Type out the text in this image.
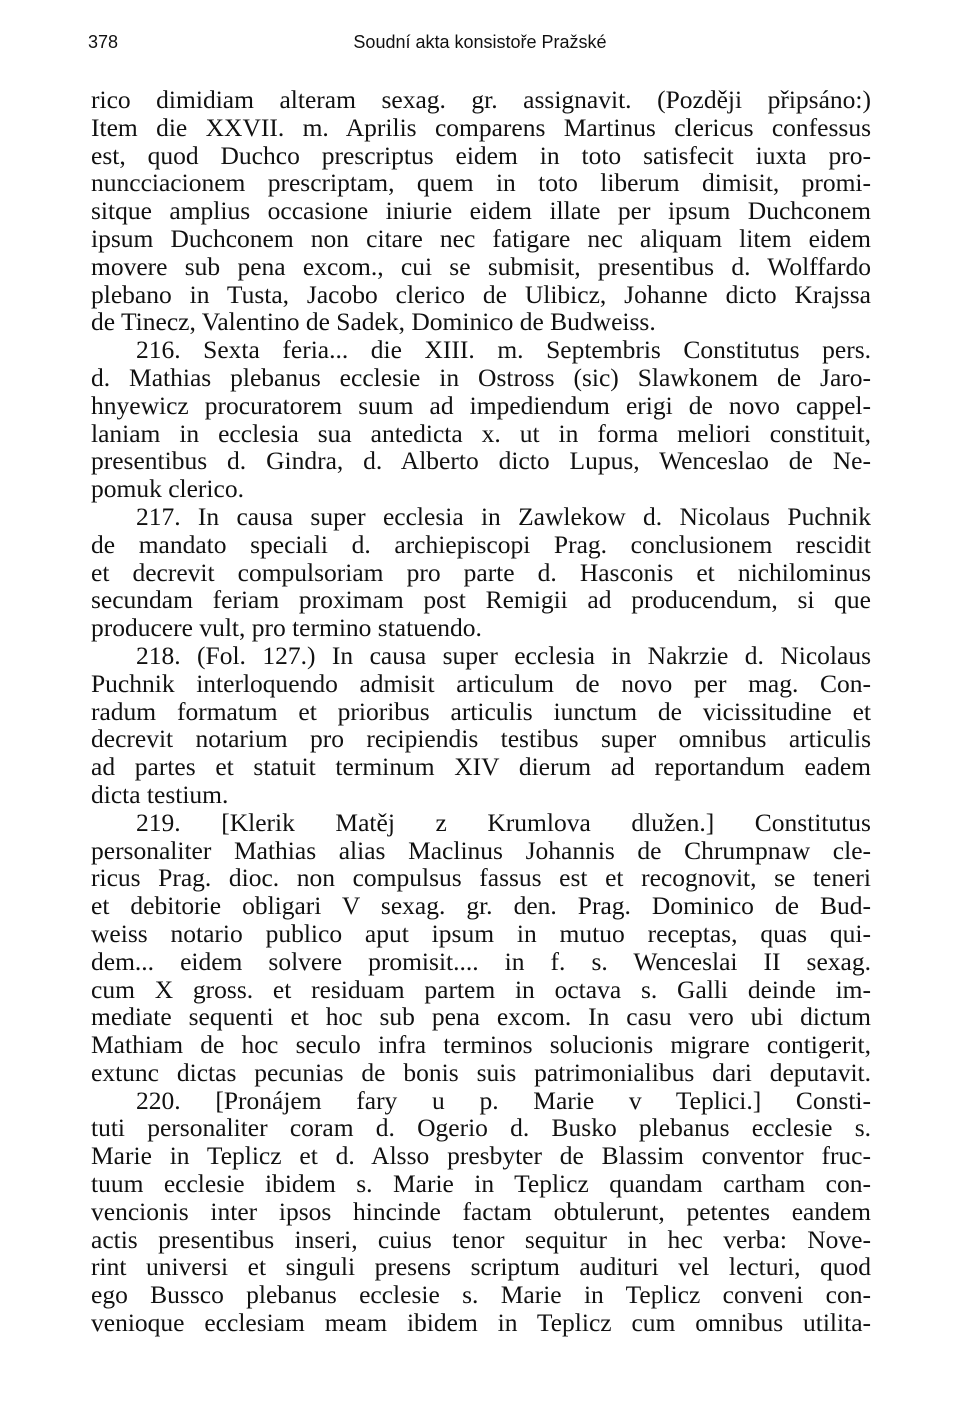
378	Soudní akta konsistoře Pražské
rico dimidiam alteram sexag. gr. assignavit. (Později připsáno:)
Item die XXVII. m. Aprilis comparens Martinus clericus confessus
est, quod Duchco prescriptus eidem in toto satisfecit iuxta pro-
nuncciacionem prescriptam, quem in toto liberum dimisit, promi-
sitque amplius occasione iniurie eidem illate per ipsum Duchconem
ipsum Duchconem non citare nec fatigare nec aliquam litem eidem
movere sub pena excom., cui se submisit, presentibus d. Wolffardo
plebano in Tusta, Jacobo clerico de Ulibicz, Johanne dicto Krajssa
de Tinecz, Valentino de Sadek, Dominico de Budweiss.
216. Sexta feria... die XIII. m. Septembris Constitutus pers.
d. Mathias plebanus ecclesie in Ostross (sic) Slawkonem de Jaro-
hnyewicz procuratorem suum ad impediendum erigi de novo cappel-
laniam in ecclesia sua antedicta x. ut in forma meliori constituit,
presentibus d. Gindra, d. Alberto dicto Lupus, Wenceslao de Ne-
pomuk clerico.
217. In causa super ecclesia in Zawlekow d. Nicolaus Puchnik
de mandato speciali d. archiepiscopi Prag. conclusionem rescidit
et decrevit compulsoriam pro parte d. Hasconis et nichilominus
secundam feriam proximam post Remigii ad producendum, si que
producere vult, pro termino statuendo.
218. (Fol. 127.) In causa super ecclesia in Nakrzie d. Nicolaus
Puchnik interloquendo admisit articulum de novo per mag. Con-
radum formatum et prioribus articulis iunctum de vicissitudine et
decrevit notarium pro recipiendis testibus super omnibus articulis
ad partes et statuit terminum XIV dierum ad reportandum eadem
dicta testium.
219. [Klerik Matěj z Krumlova dlužen.] Constitutus
personaliter Mathias alias Maclinus Johannis de Chrumpnaw cle-
ricus Prag. dioc. non compulsus fassus est et recognovit, se teneri
et debitorie obligari V sexag. gr. den. Prag. Dominico de Bud-
weiss notario publico aput ipsum in mutuo receptas, quas qui-
dem... eidem solvere promisit.... in f. s. Wenceslai II sexag.
cum X gross. et residuam partem in octava s. Galli deinde im-
mediate sequenti et hoc sub pena excom. In casu vero ubi dictum
Mathiam de hoc seculo infra terminos solucionis migrare contigerit,
extunc dictas pecunias de bonis suis patrimonialibus dari deputavit.
220. [Pronájem fary u p. Marie v Teplici.] Consti-
tuti personaliter coram d. Ogerio d. Busko plebanus ecclesie s.
Marie in Teplicz et d. Alsso presbyter de Blassim conventor fruc-
tuum ecclesie ibidem s. Marie in Teplicz quandam cartham con-
vencionis inter ipsos hincinde factam obtulerunt, petentes eandem
actis presentibus inseri, cuius tenor sequitur in hec verba: Nove-
rint universi et singuli presens scriptum audituri vel lecturi, quod
ego Bussco plebanus ecclesie s. Marie in Teplicz conveni con-
venioque ecclesiam meam ibidem in Teplicz cum omnibus utilita-
